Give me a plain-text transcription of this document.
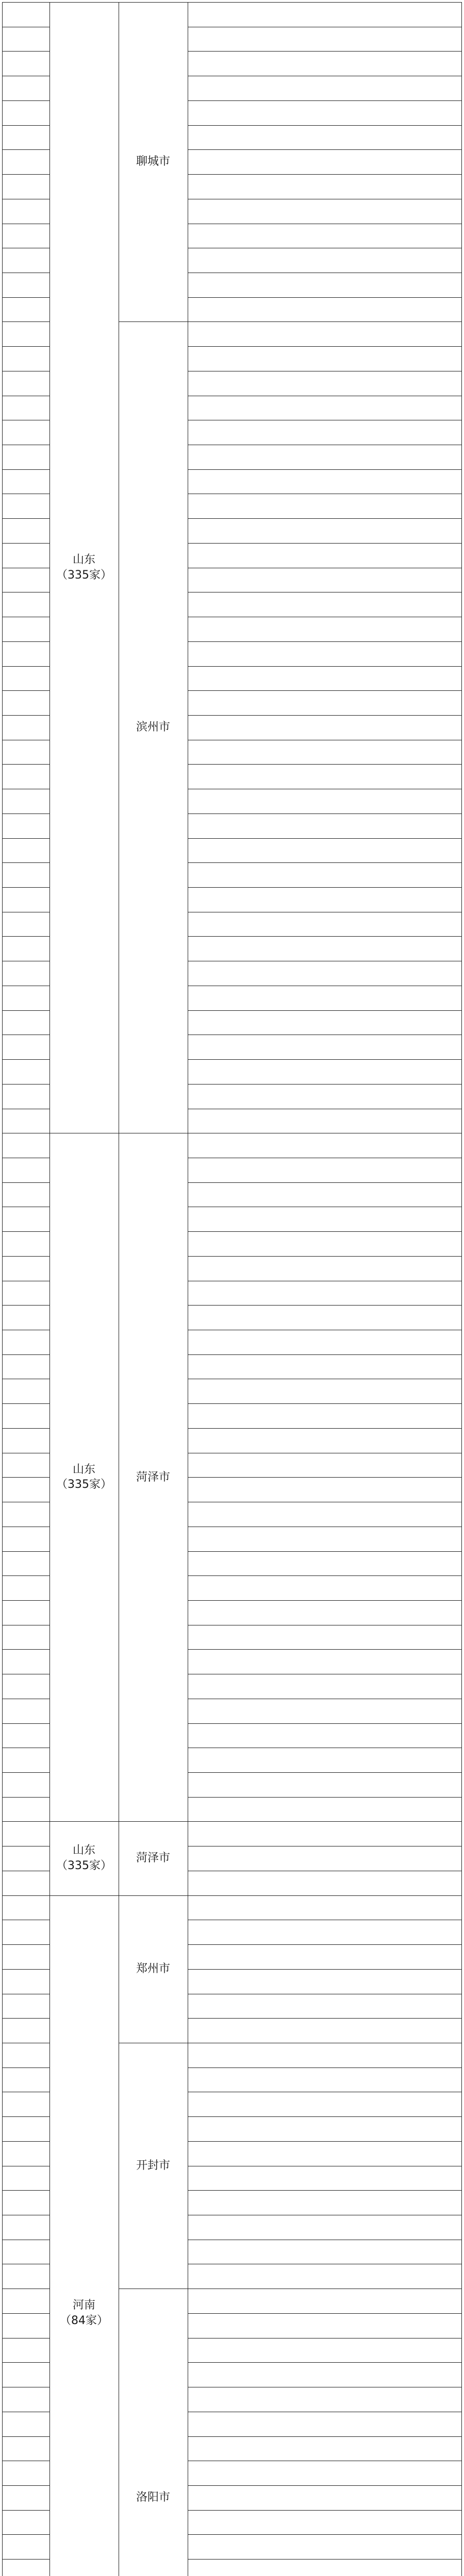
山东
（335家）
山东
（335家）
山东
（335家）
河南
（84家）
聊城市
滨州市
菏泽市
菏泽市
郑州市
开封市
洛阳市
